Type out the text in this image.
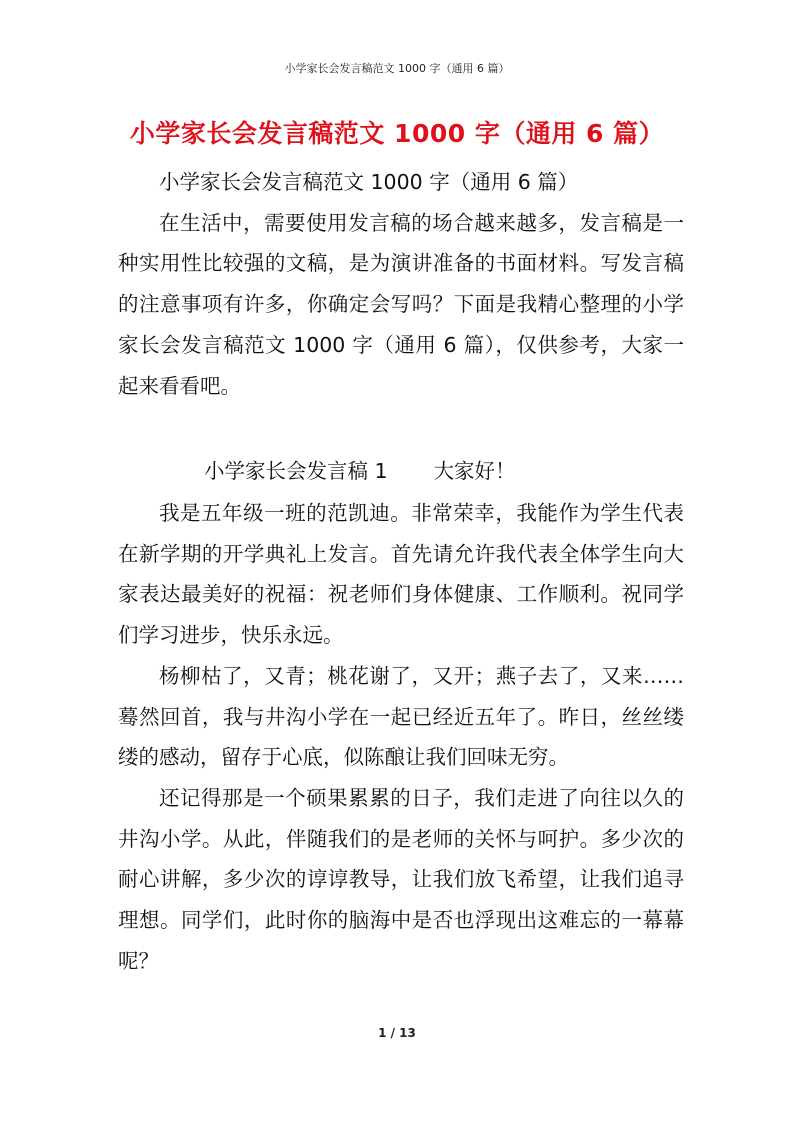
小学家长会发言稿范文 1000 字（通用 6 篇）
小学家长会发言稿范文 1000 字（通用 6 篇）

小学家长会发言稿范文 1000 字（通用 6 篇）

在生活中，需要使用发言稿的场合越来越多，发言稿是一种实用性比较强的文稿，是为演讲准备的书面材料。写发言稿的注意事项有许多，你确定会写吗？下面是我精心整理的小学家长会发言稿范文 1000 字（通用 6 篇），仅供参考，大家一起来看看吧。

小学家长会发言稿 1 大家好！

我是五年级一班的范凯迪。非常荣幸，我能作为学生代表在新学期的开学典礼上发言。首先请允许我代表全体学生向大家表达最美好的祝福：祝老师们身体健康、工作顺利。祝同学们学习进步，快乐永远。

杨柳枯了，又青；桃花谢了，又开；燕子去了，又来……蓦然回首，我与井沟小学在一起已经近五年了。昨日，丝丝缕缕的感动，留存于心底，似陈酿让我们回味无穷。

还记得那是一个硕果累累的日子，我们走进了向往以久的井沟小学。从此，伴随我们的是老师的关怀与呵护。多少次的耐心讲解，多少次的谆谆教导，让我们放飞希望，让我们追寻理想。同学们，此时你的脑海中是否也浮现出这难忘的一幕幕呢？

1 / 13
